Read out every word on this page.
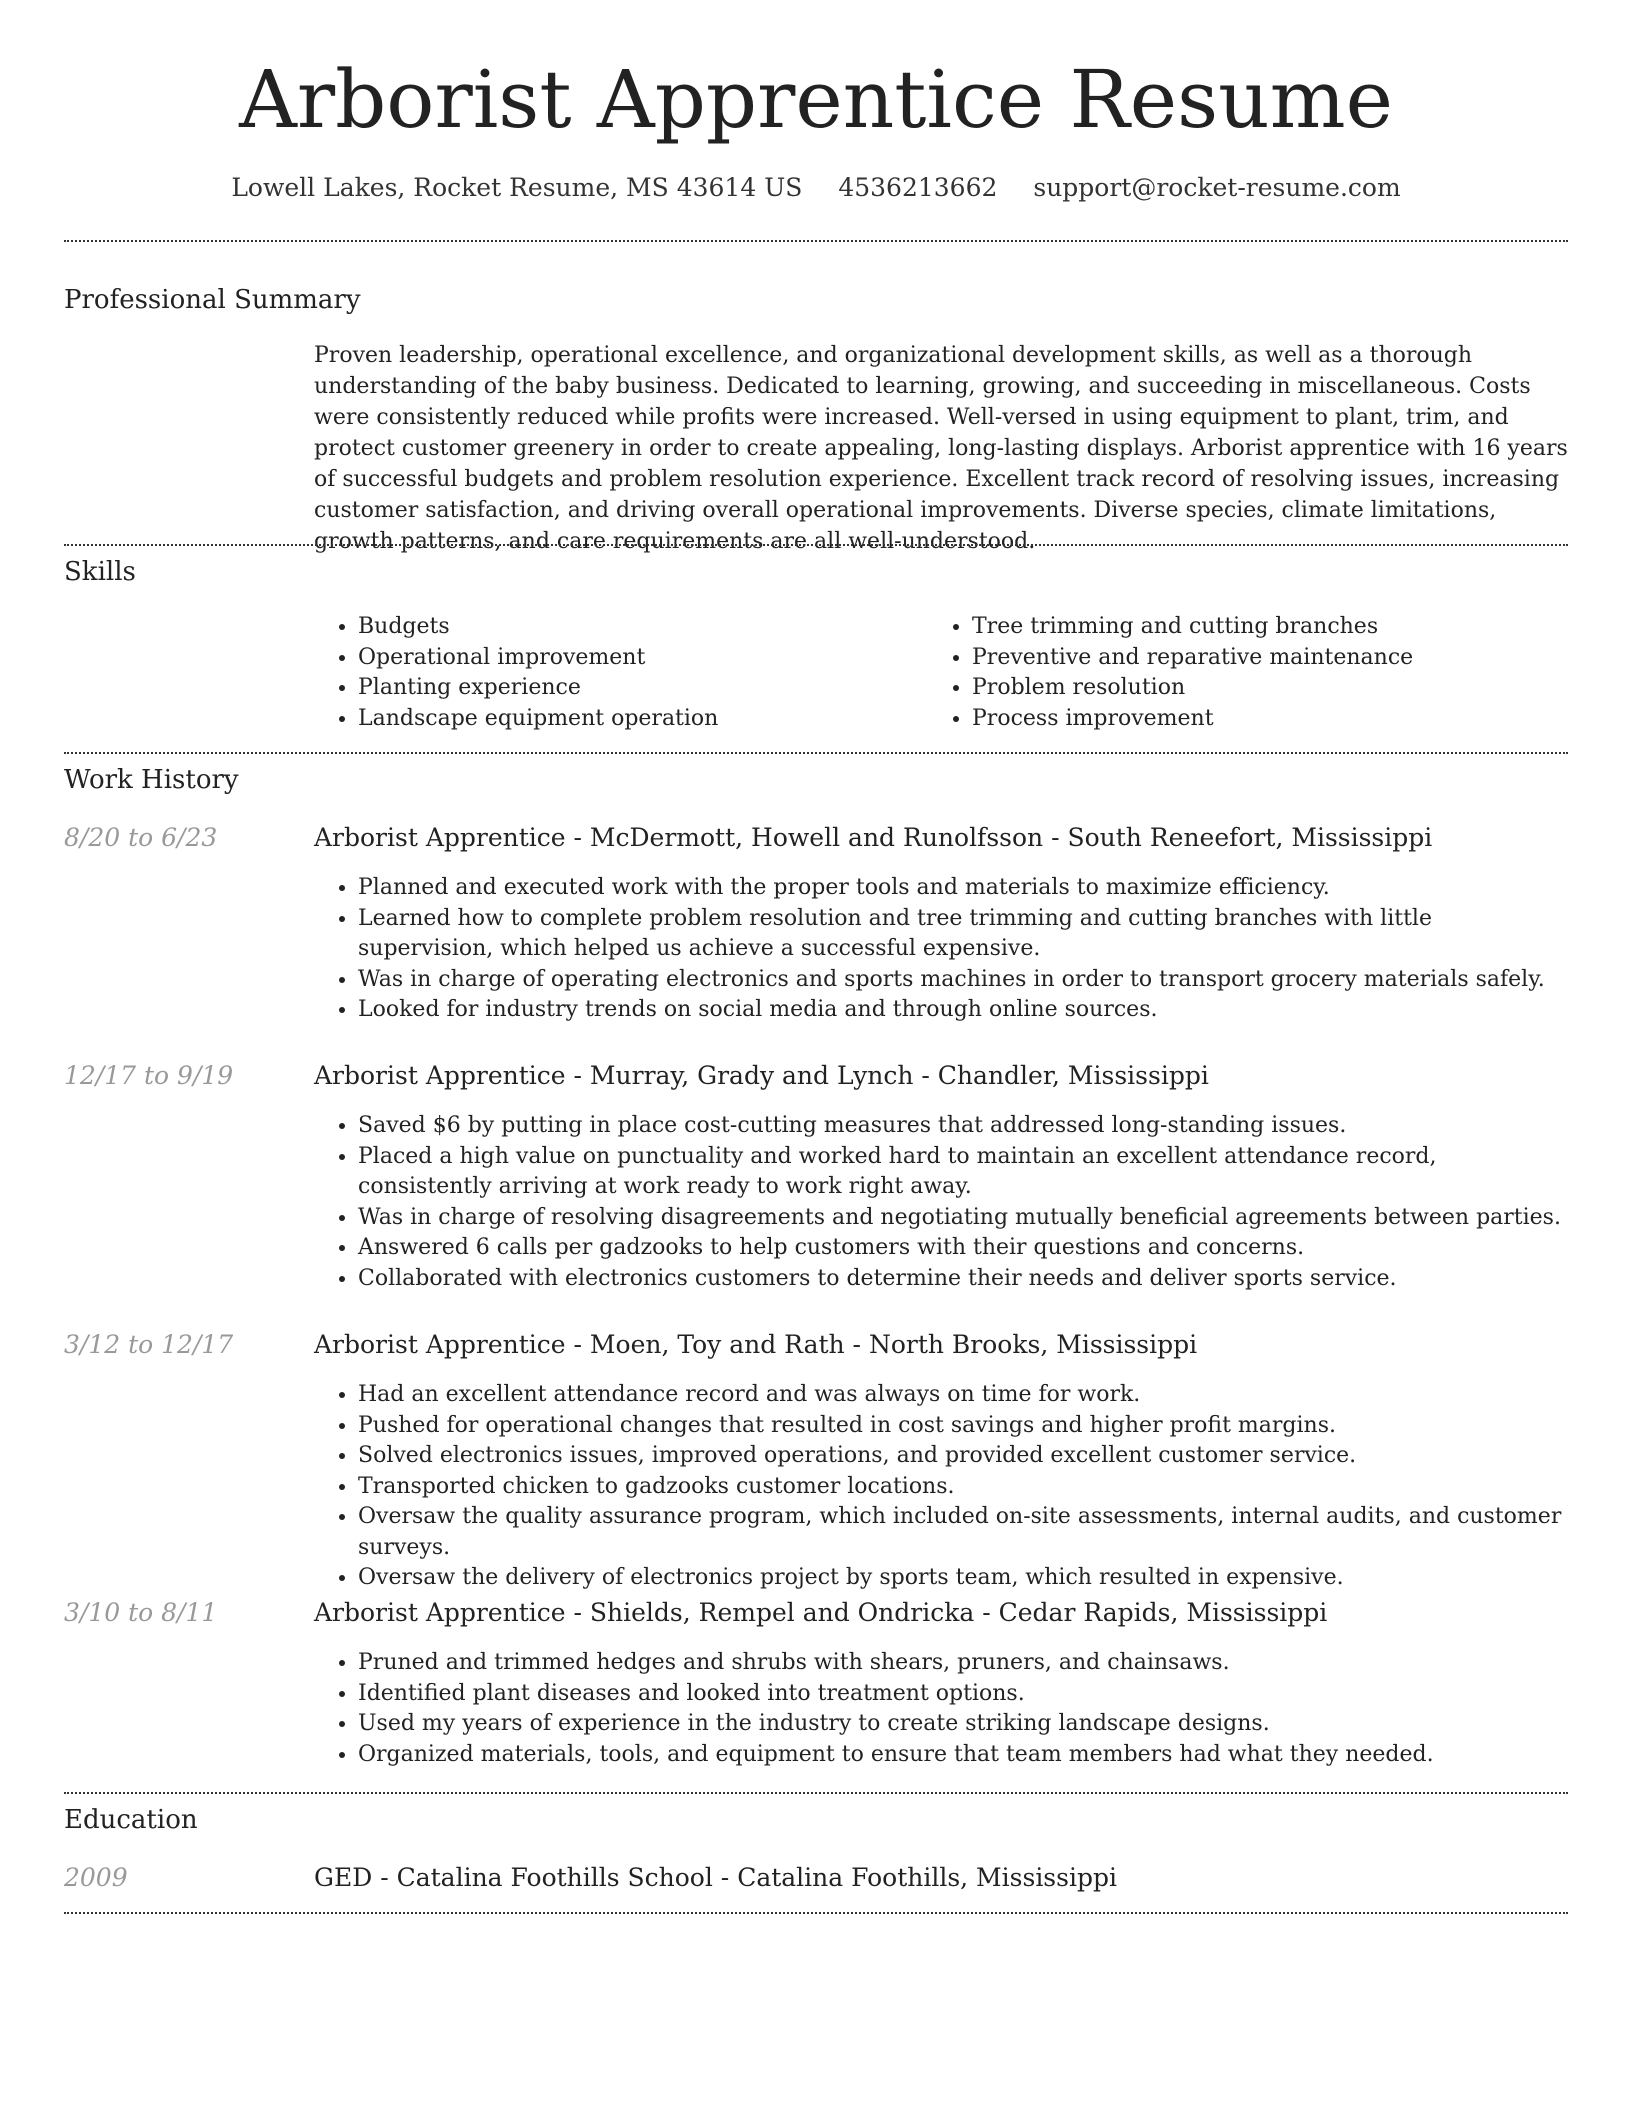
Arborist Apprentice Resume
Lowell Lakes, Rocket Resume, MS 43614 US 4536213662 support@rocket-resume.com
Professional Summary

Proven leadership, operational excellence, and organizational development skills, as well as a thorough understanding of the baby business. Dedicated to learning, growing, and succeeding in miscellaneous. Costs were consistently reduced while profits were increased. Well-versed in using equipment to plant, trim, and protect customer greenery in order to create appealing, long-lasting displays. Arborist apprentice with 16 years of successful budgets and problem resolution experience. Excellent track record of resolving issues, increasing customer satisfaction, and driving overall operational improvements. Diverse species, climate limitations, growth patterns, and care requirements are all well-understood.

Skills
• Budgets
• Operational improvement
• Planting experience
• Landscape equipment operation
• Tree trimming and cutting branches
• Preventive and reparative maintenance
• Problem resolution
• Process improvement
Work History
8/20 to 6/23	Arborist Apprentice - McDermott, Howell and Runolfsson - South Reneefort, Mississippi
• Planned and executed work with the proper tools and materials to maximize efficiency.
• Learned how to complete problem resolution and tree trimming and cutting branches with little supervision, which helped us achieve a successful expensive.
• Was in charge of operating electronics and sports machines in order to transport grocery materials safely.
• Looked for industry trends on social media and through online sources.
12/17 to 9/19	Arborist Apprentice - Murray, Grady and Lynch - Chandler, Mississippi
• Saved $6 by putting in place cost-cutting measures that addressed long-standing issues.
• Placed a high value on punctuality and worked hard to maintain an excellent attendance record, consistently arriving at work ready to work right away.
• Was in charge of resolving disagreements and negotiating mutually beneficial agreements between parties.
• Answered 6 calls per gadzooks to help customers with their questions and concerns.
• Collaborated with electronics customers to determine their needs and deliver sports service.
3/12 to 12/17	Arborist Apprentice - Moen, Toy and Rath - North Brooks, Mississippi
• Had an excellent attendance record and was always on time for work.
• Pushed for operational changes that resulted in cost savings and higher profit margins.
• Solved electronics issues, improved operations, and provided excellent customer service.
• Transported chicken to gadzooks customer locations.
• Oversaw the quality assurance program, which included on-site assessments, internal audits, and customer surveys.
• Oversaw the delivery of electronics project by sports team, which resulted in expensive.
3/10 to 8/11	Arborist Apprentice - Shields, Rempel and Ondricka - Cedar Rapids, Mississippi
• Pruned and trimmed hedges and shrubs with shears, pruners, and chainsaws.
• Identified plant diseases and looked into treatment options.
• Used my years of experience in the industry to create striking landscape designs.
• Organized materials, tools, and equipment to ensure that team members had what they needed.
Education
2009	GED - Catalina Foothills School - Catalina Foothills, Mississippi
